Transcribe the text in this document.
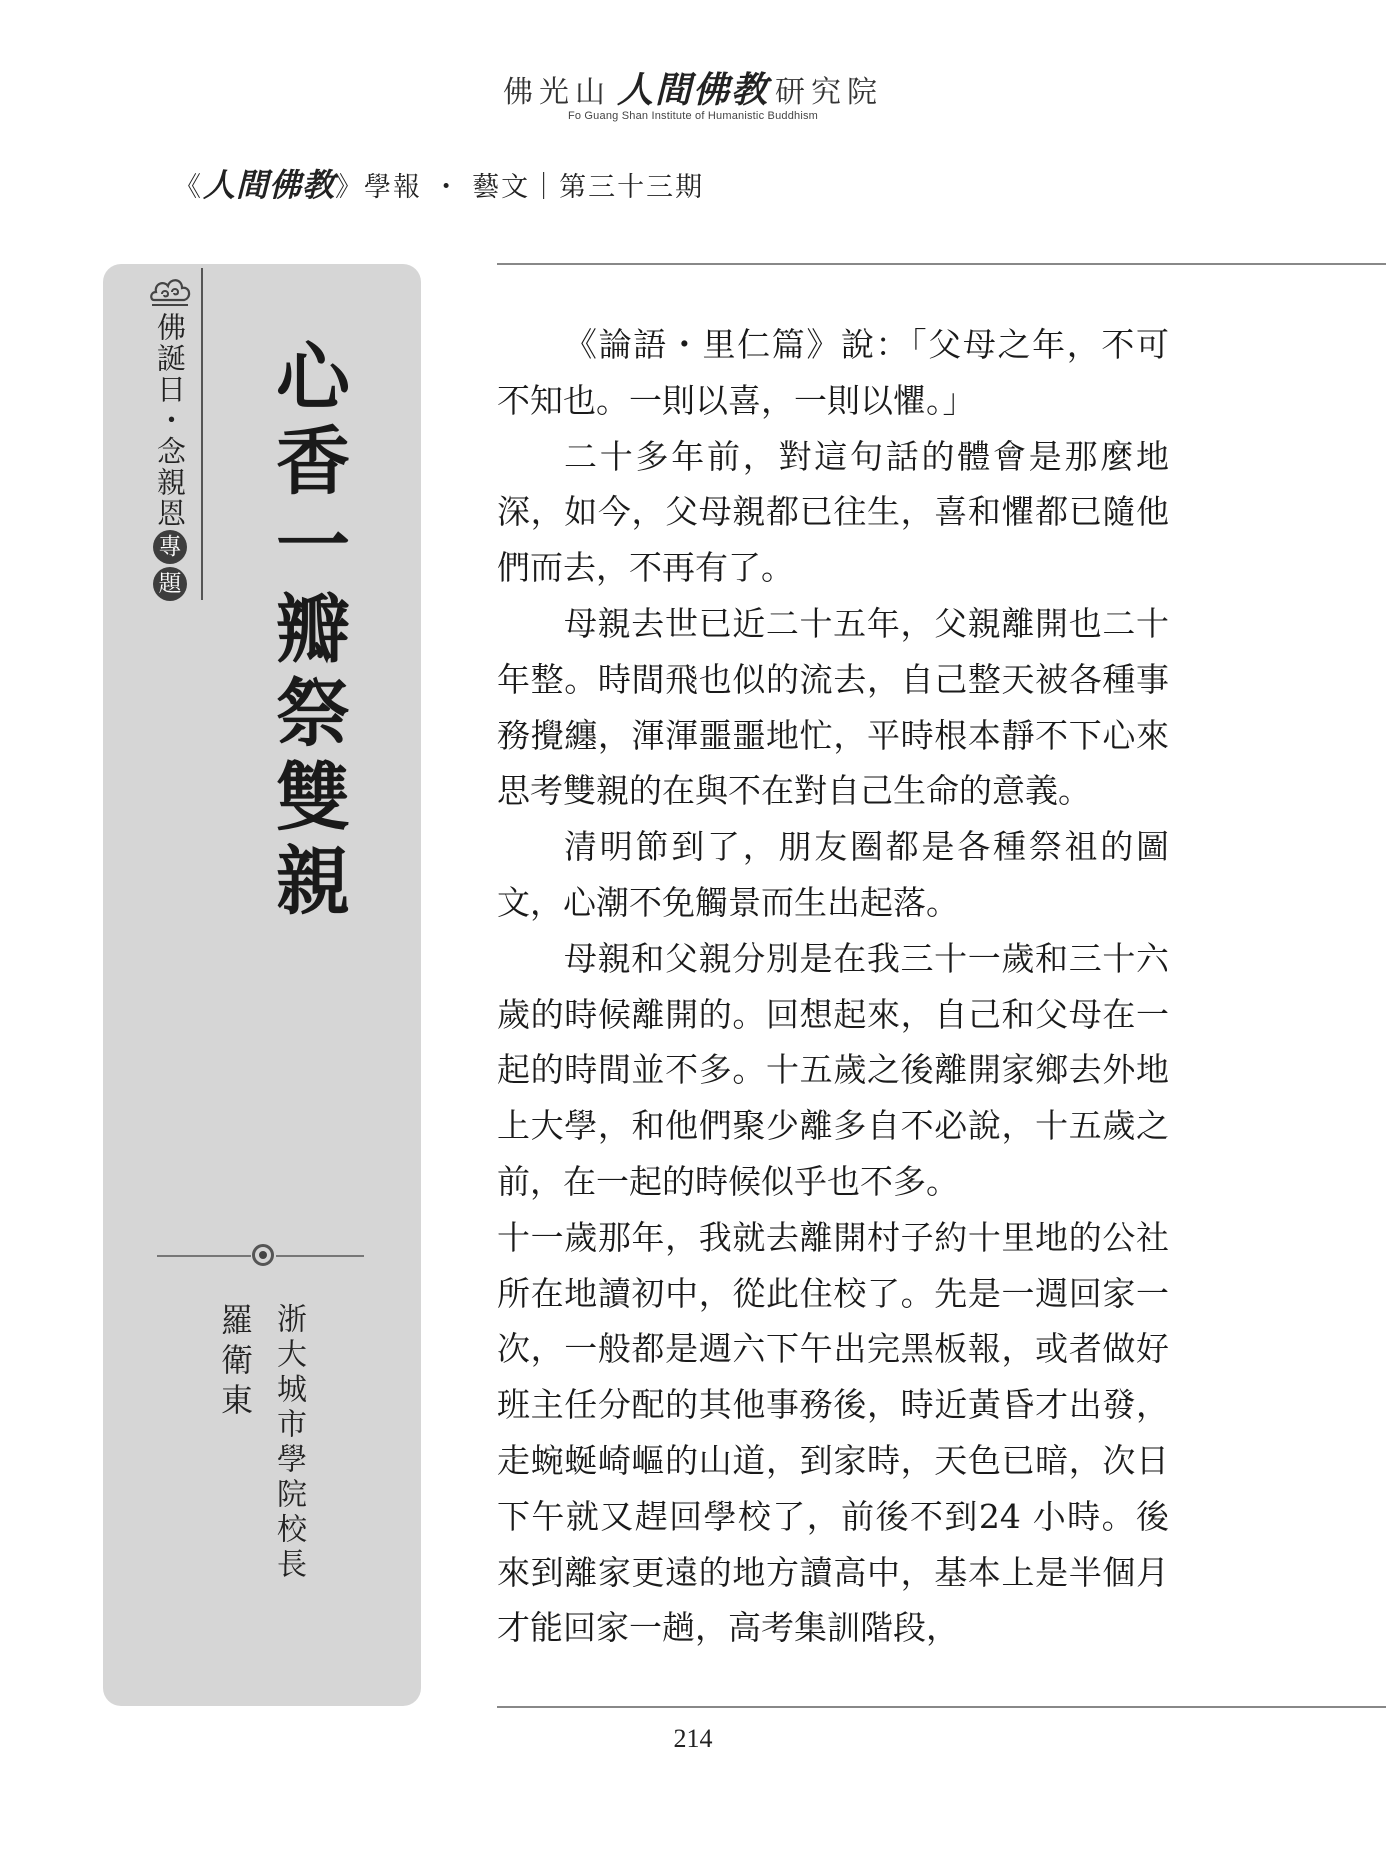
佛光山 人間佛教 研究院
Fo Guang Shan Institute of Humanistic Buddhism
《人間佛教》學報 ・ 藝文｜第三十三期
佛誕日・念親恩
專
題 心香一瓣祭雙親
浙大城市學院校長
羅衛東

《論語・里仁篇》說：「父母之年，不可不知也。一則以喜，一則以懼。」

二十多年前，對這句話的體會是那麼地深，如今，父母親都已往生，喜和懼都已隨他們而去，不再有了。

母親去世已近二十五年，父親離開也二十年整。時間飛也似的流去，自己整天被各種事務攪纏，渾渾噩噩地忙，平時根本靜不下心來思考雙親的在與不在對自己生命的意義。

清明節到了，朋友圈都是各種祭祖的圖文，心潮不免觸景而生出起落。

母親和父親分別是在我三十一歲和三十六歲的時候離開的。回想起來，自己和父母在一起的時間並不多。十五歲之後離開家鄉去外地上大學，和他們聚少離多自不必說，十五歲之前，在一起的時候似乎也不多。

十一歲那年，我就去離開村子約十里地的公社所在地讀初中，從此住校了。先是一週回家一次，一般都是週六下午出完黑板報，或者做好班主任分配的其他事務後，時近黃昏才出發，走蜿蜒崎嶇的山道，到家時，天色已暗，次日下午就又趕回學校了，前後不到24 小時。後來到離家更遠的地方讀高中，基本上是半個月才能回家一趟，高考集訓階段，

214
